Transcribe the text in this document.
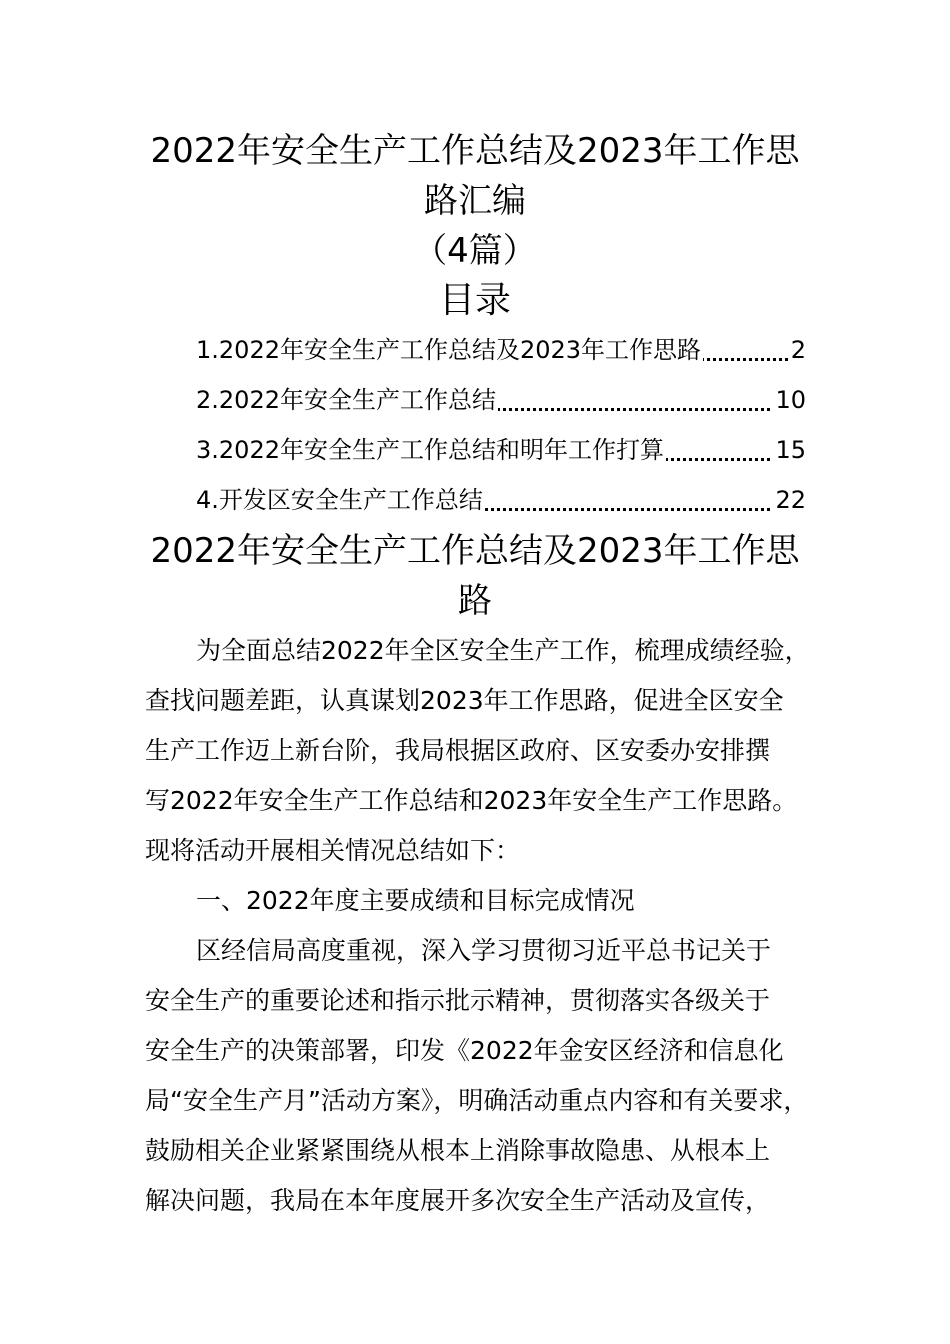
2022年安全生产工作总结及2023年工作思
路汇编
（4篇）
目录
1.2022年安全生产工作总结及2023年工作思路	2
2.2022年安全生产工作总结	10
3.2022年安全生产工作总结和明年工作打算	15
4.开发区安全生产工作总结	22
2022年安全生产工作总结及2023年工作思
路
为全面总结2022年全区安全生产工作，梳理成绩经验，
查找问题差距，认真谋划2023年工作思路，促进全区安全
生产工作迈上新台阶，我局根据区政府、区安委办安排撰
写2022年安全生产工作总结和2023年安全生产工作思路。
现将活动开展相关情况总结如下：
一、2022年度主要成绩和目标完成情况
区经信局高度重视，深入学习贯彻习近平总书记关于
安全生产的重要论述和指示批示精神，贯彻落实各级关于
安全生产的决策部署，印发《2022年金安区经济和信息化
局“安全生产月”活动方案》，明确活动重点内容和有关要求，
鼓励相关企业紧紧围绕从根本上消除事故隐患、从根本上
解决问题，我局在本年度展开多次安全生产活动及宣传，
